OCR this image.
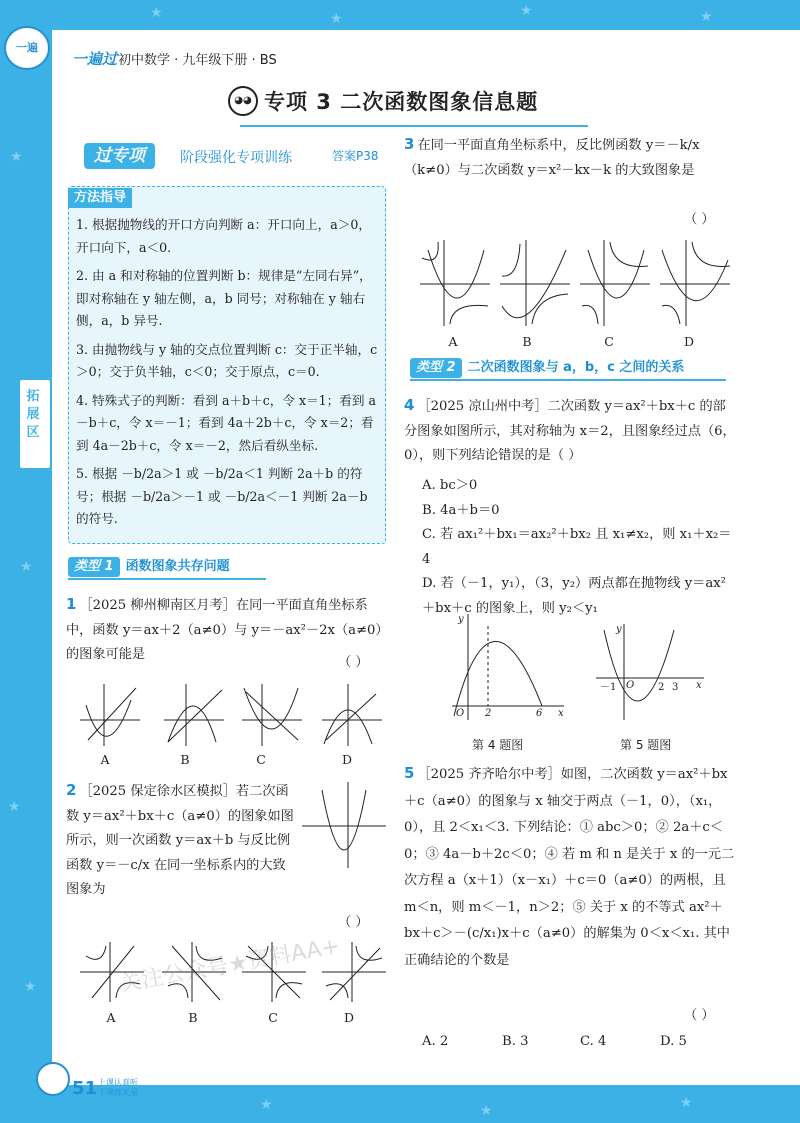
★	★	★	★
★
★
★
★
★	★	★
一遍
一遍过 初中数学 · 九年级下册 · BS
◕◕ 专项 3 二次函数图象信息题
过专项	阶段强化专项训练	答案P38
方法指导

1. 根据抛物线的开口方向判断 a：开口向上，a＞0，开口向下，a＜0.

2. 由 a 和对称轴的位置判断 b：规律是“左同右异”，即对称轴在 y 轴左侧，a，b 同号；对称轴在 y 轴右侧，a，b 异号.

3. 由抛物线与 y 轴的交点位置判断 c：交于正半轴，c＞0；交于负半轴，c＜0；交于原点，c＝0.

4. 特殊式子的判断：看到 a＋b＋c，令 x＝1；看到 a－b＋c，令 x＝－1；看到 4a＋2b＋c，令 x＝2；看到 4a－2b＋c，令 x＝－2，然后看纵坐标.

5. 根据 －b/2a＞1 或 －b/2a＜1 判断 2a＋b 的符号；根据 －b/2a＞－1 或 －b/2a＜－1 判断 2a－b 的符号.

拓展区
类型 1 函数图象共存问题
1 ［2025 柳州柳南区月考］在同一平面直角坐标系中，函数 y＝ax＋2（a≠0）与 y＝－ax²－2x（a≠0）的图象可能是
（ ）
A	B	C	D
2 ［2025 保定徐水区模拟］若二次函数 y＝ax²＋bx＋c（a≠0）的图象如图所示，则一次函数 y＝ax＋b 与反比例函数 y＝－c/x 在同一坐标系内的大致图象为
（ ）
A	B	C	D
关注公众号★资料AA+
3 在同一平面直角坐标系中，反比例函数 y＝－k/x（k≠0）与二次函数 y＝x²－kx－k 的大致图象是
（ ）
A	B	C	D
类型 2 二次函数图象与 a，b，c 之间的关系
4 ［2025 凉山州中考］二次函数 y＝ax²＋bx＋c 的部分图象如图所示，其对称轴为 x＝2，且图象经过点（6，0），则下列结论错误的是（ ）
A. bc＞0
B. 4a＋b＝0
C. 若 ax₁²＋bx₁＝ax₂²＋bx₂ 且 x₁≠x₂，则 x₁＋x₂＝4
D. 若（－1，y₁），（3，y₂）两点都在抛物线 y＝ax²＋bx＋c 的图象上，则 y₂＜y₁
y
x
O 2	6
第 4 题图
y
x
O
－1	2 3
第 5 题图
5 ［2025 齐齐哈尔中考］如图，二次函数 y＝ax²＋bx＋c（a≠0）的图象与 x 轴交于两点（－1，0），（x₁，0），且 2＜x₁＜3. 下列结论：① abc＞0；② 2a＋c＜0；③ 4a－b＋2c＜0；④ 若 m 和 n 是关于 x 的一元二次方程 a（x＋1）（x－x₁）＋c＝0（a≠0）的两根，且 m＜n，则 m＜－1，n＞2；⑤ 关于 x 的不等式 ax²＋bx＋c＞－(c/x₁)x＋c（a≠0）的解集为 0＜x＜x₁. 其中正确结论的个数是
（ ）
A. 2	B. 3	C. 4	D. 5
51 上课认真听 下课练天星
